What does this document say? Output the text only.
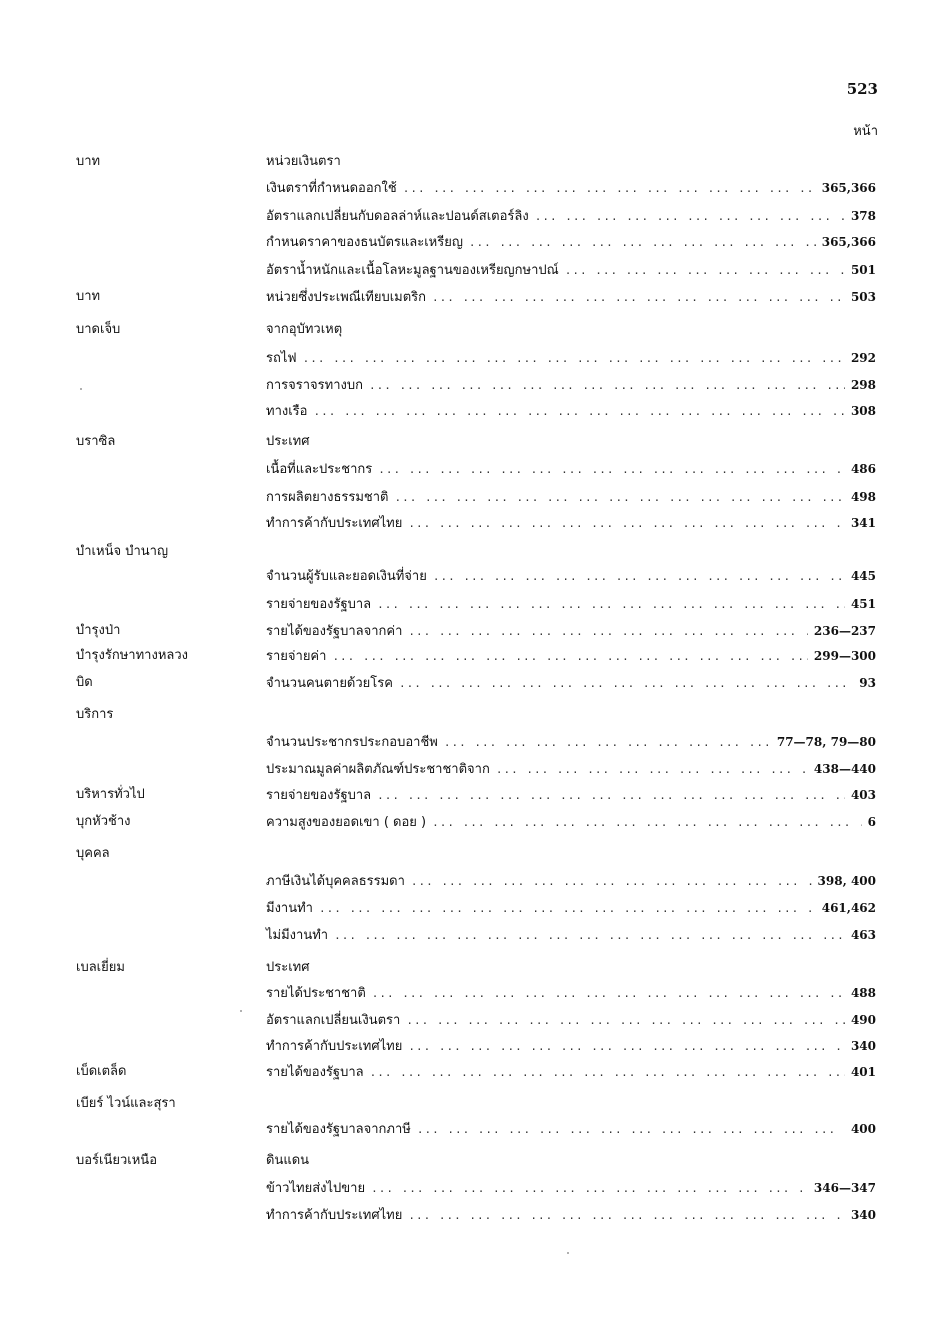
523
หน้า
บาท	หน่วยเงินตรา
เงินตราที่กำหนดออกใช้ ... .	365,366
อัตราแลกเปลี่ยนกับดอลล่าห์และปอนด์สเตอร์ลิง ... .	378
กำหนดราคาของธนบัตรและเหรียญ ... .	365,366
อัตราน้ำหนักและเนื้อโลหะมูลฐานของเหรียญกษาปณ์ ... .	501
บาท	หน่วยซึ่งประเพณีเทียบเมตริก ... .	503
บาดเจ็บ	จากอุบัทวเหตุ
รถไฟ ... .	292
การจราจรทางบก ... .	298
ทางเรือ ... .	308
บราซิล	ประเทศ
เนื้อที่และประชากร ... .	486
การผลิตยางธรรมชาติ ... .	498
ทำการค้ากับประเทศไทย ... .	341
บำเหน็จ บำนาญ
จำนวนผู้รับและยอดเงินที่จ่าย ... .	445
รายจ่ายของรัฐบาล ... .	451
บำรุงป่า	รายได้ของรัฐบาลจากค่า ... .	236—237
บำรุงรักษาทางหลวง	รายจ่ายค่า ... .	299—300
บิด	จำนวนคนตายด้วยโรค ... .	93
บริการ
จำนวนประชากรประกอบอาชีพ ... .	77—78, 79—80
ประมาณมูลค่าผลิตภัณฑ์ประชาชาติจาก ... .	438—440
บริหารทั่วไป	รายจ่ายของรัฐบาล ... .	403
บุกหัวช้าง	ความสูงของยอดเขา ( ดอย ) ... .	6
บุคคล
ภาษีเงินได้บุคคลธรรมดา ... .	398, 400
มีงานทำ ... .	461,462
ไม่มีงานทำ ... .	463
เบลเยี่ยม	ประเทศ
รายได้ประชาชาติ ... .	488
อัตราแลกเปลี่ยนเงินตรา ... .	490
ทำการค้ากับประเทศไทย ... .	340
เบ็ดเตล็ด	รายได้ของรัฐบาล ... .	401
เบียร์ ไวน์และสุรา
รายได้ของรัฐบาลจากภาษี ... .	400
บอร์เนียวเหนือ	ดินแดน
ข้าวไทยส่งไปขาย ... .	346—347
ทำการค้ากับประเทศไทย ... .	340
